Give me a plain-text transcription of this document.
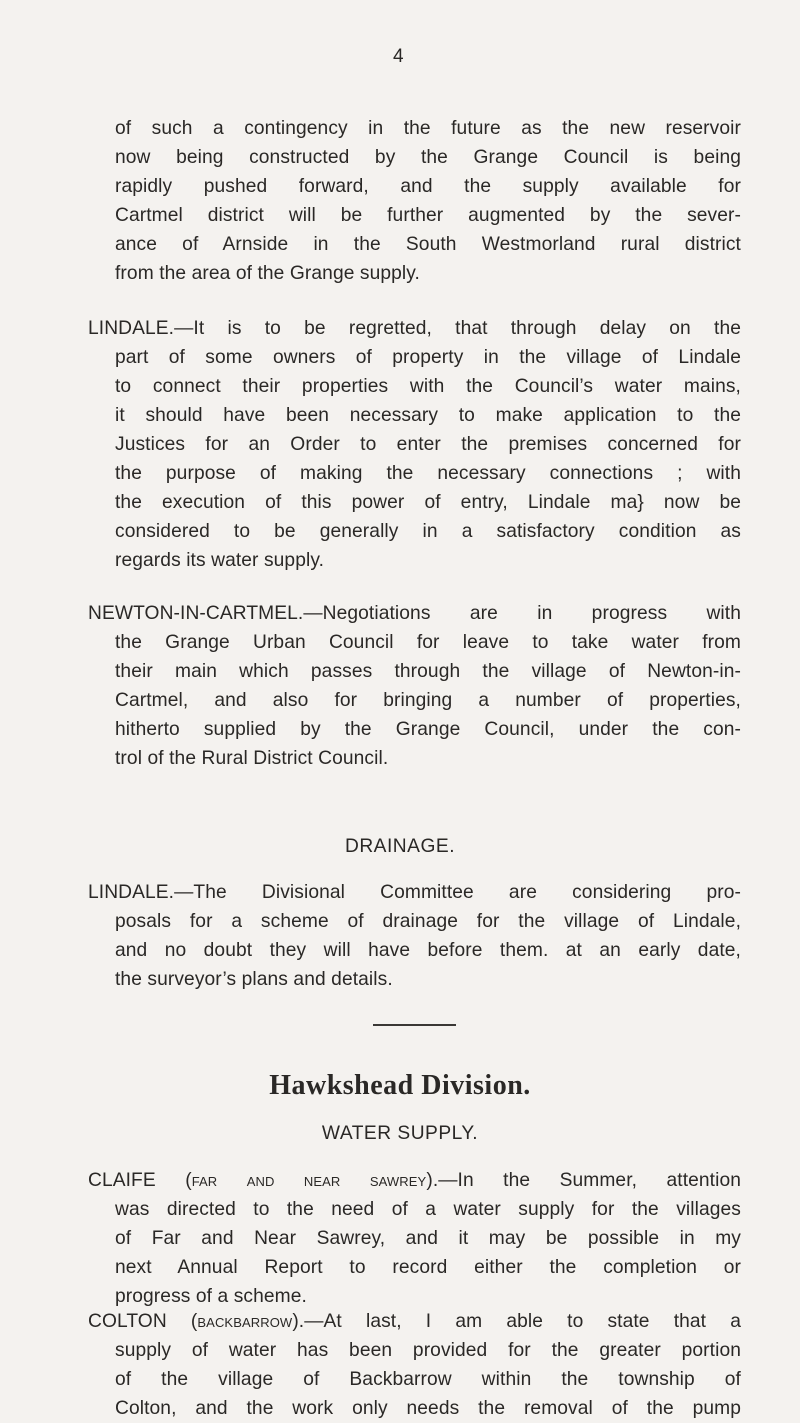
4
of such a contingency in the future as the new reservoir
now being constructed by the Grange Council is being
rapidly pushed forward, and the supply available for
Cartmel district will be further augmented by the sever-
ance of Arnside in the South Westmorland rural district
from the area of the Grange supply.
LINDALE.—It is to be regretted, that through delay on the
part of some owners of property in the village of Lindale
to connect their properties with the Council’s water mains,
it should have been necessary to make application to the
Justices for an Order to enter the premises concerned for
the purpose of making the necessary connections ; with
the execution of this power of entry, Lindale ma} now be
considered to be generally in a satisfactory condition as
regards its water supply.
NEWTON-IN-CARTMEL.—Negotiations are in progress with
the Grange Urban Council for leave to take water from
their main which passes through the village of Newton-in-
Cartmel, and also for bringing a number of properties,
hitherto supplied by the Grange Council, under the con-
trol of the Rural District Council.
DRAINAGE.
LINDALE.—The Divisional Committee are considering pro-
posals for a scheme of drainage for the village of Lindale,
and no doubt they will have before them. at an early date,
the surveyor’s plans and details.
Hawkshead Division.
WATER SUPPLY.
CLAIFE (far and near sawrey).—In the Summer, attention
was directed to the need of a water supply for the villages
of Far and Near Sawrey, and it may be possible in my
next Annual Report to record either the completion or
progress of a scheme.
COLTON (backbarrow).—At last, I am able to state that a
supply of water has been provided for the greater portion
of the village of Backbarrow within the township of
Colton, and the work only needs the removal of the pump
